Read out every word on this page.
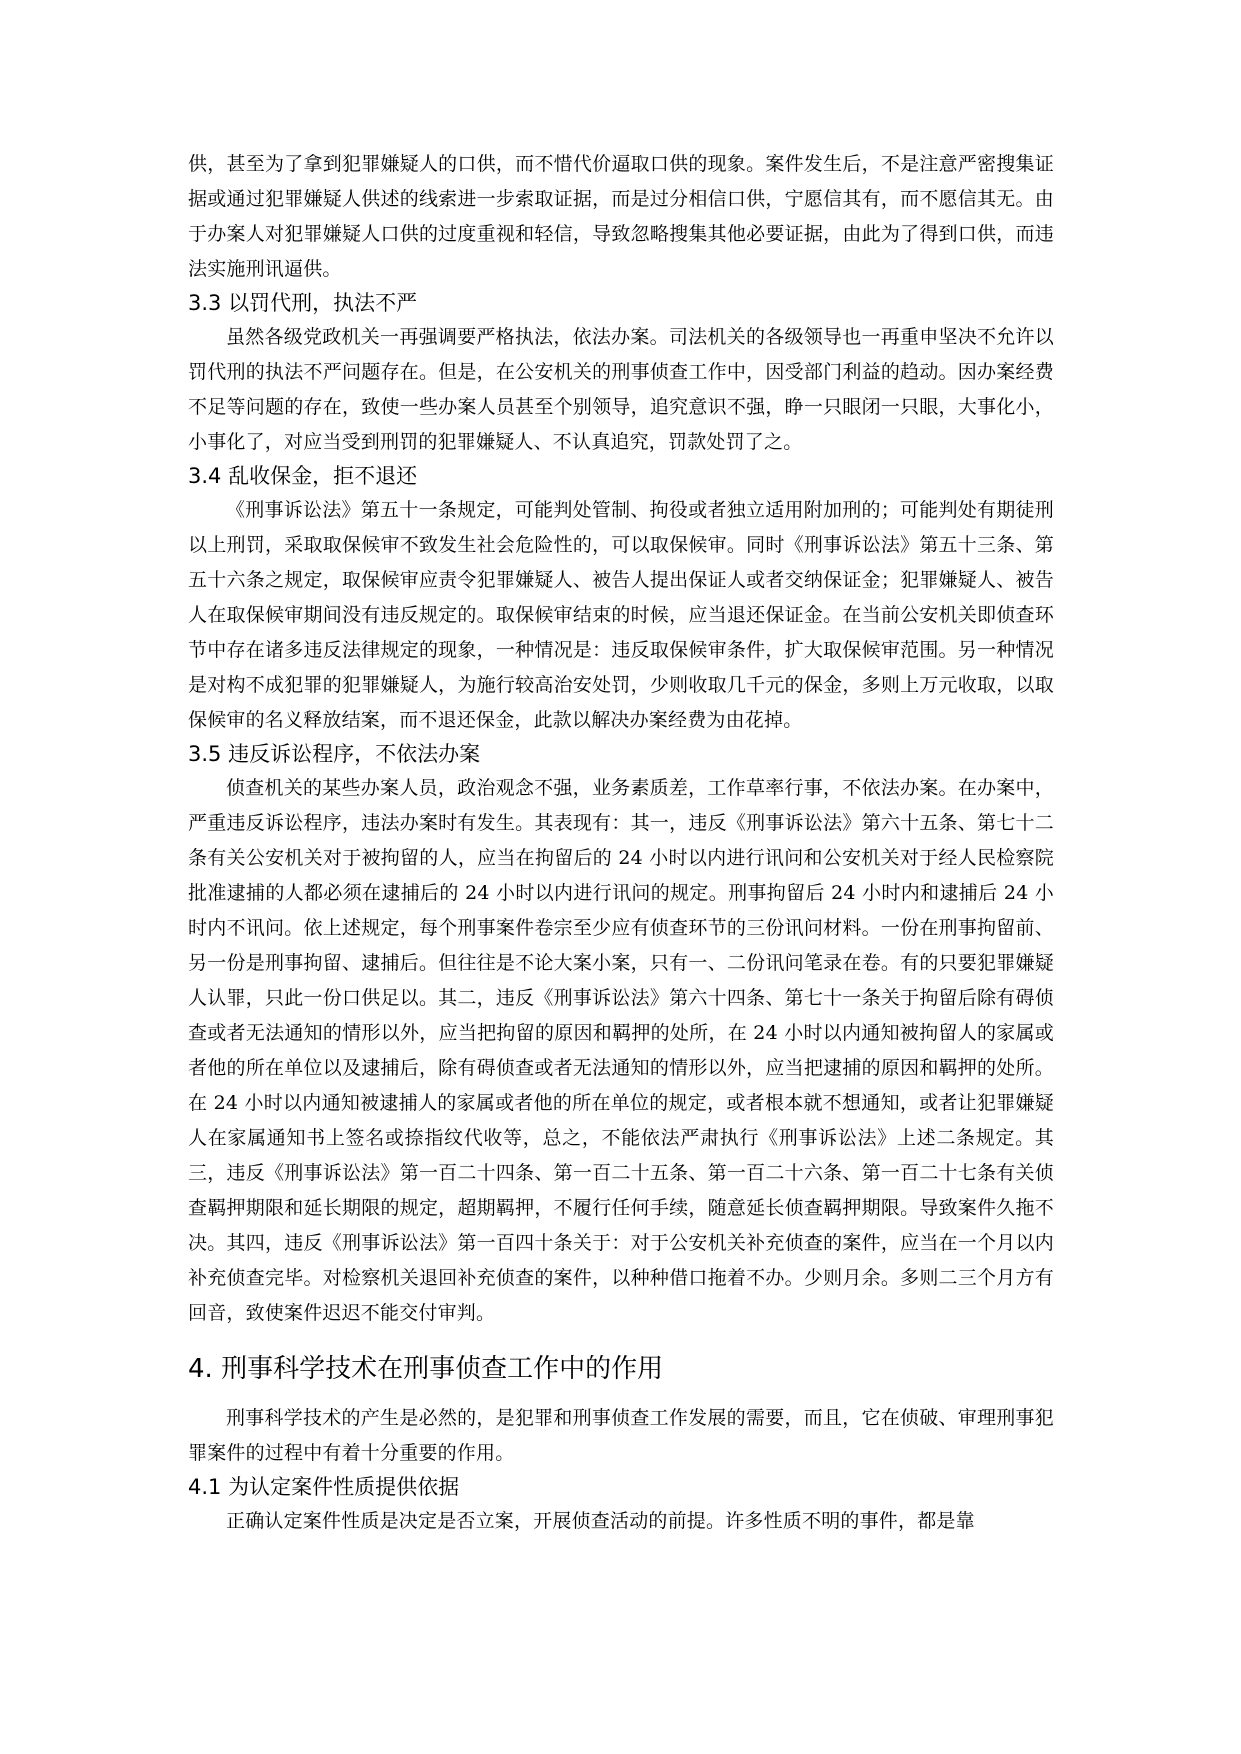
供，甚至为了拿到犯罪嫌疑人的口供，而不惜代价逼取口供的现象。案件发生后，不是注意严密搜集证据或通过犯罪嫌疑人供述的线索进一步索取证据，而是过分相信口供，宁愿信其有，而不愿信其无。由于办案人对犯罪嫌疑人口供的过度重视和轻信，导致忽略搜集其他必要证据，由此为了得到口供，而违法实施刑讯逼供。

3.3 以罚代刑，执法不严

虽然各级党政机关一再强调要严格执法，依法办案。司法机关的各级领导也一再重申坚决不允许以罚代刑的执法不严问题存在。但是，在公安机关的刑事侦查工作中，因受部门利益的趋动。因办案经费不足等问题的存在，致使一些办案人员甚至个别领导，追究意识不强，睁一只眼闭一只眼，大事化小，小事化了，对应当受到刑罚的犯罪嫌疑人、不认真追究，罚款处罚了之。

3.4 乱收保金，拒不退还

《刑事诉讼法》第五十一条规定，可能判处管制、拘役或者独立适用附加刑的；可能判处有期徒刑以上刑罚，采取取保候审不致发生社会危险性的，可以取保候审。同时《刑事诉讼法》第五十三条、第五十六条之规定，取保候审应责令犯罪嫌疑人、被告人提出保证人或者交纳保证金；犯罪嫌疑人、被告人在取保候审期间没有违反规定的。取保候审结束的时候，应当退还保证金。在当前公安机关即侦查环节中存在诸多违反法律规定的现象，一种情况是：违反取保候审条件，扩大取保候审范围。另一种情况是对构不成犯罪的犯罪嫌疑人，为施行较高治安处罚，少则收取几千元的保金，多则上万元收取，以取保候审的名义释放结案，而不退还保金，此款以解决办案经费为由花掉。

3.5 违反诉讼程序，不依法办案

侦查机关的某些办案人员，政治观念不强，业务素质差，工作草率行事，不依法办案。在办案中，严重违反诉讼程序，违法办案时有发生。其表现有：其一，违反《刑事诉讼法》第六十五条、第七十二条有关公安机关对于被拘留的人，应当在拘留后的 24 小时以内进行讯问和公安机关对于经人民检察院批准逮捕的人都必须在逮捕后的 24 小时以内进行讯问的规定。刑事拘留后 24 小时内和逮捕后 24 小时内不讯问。依上述规定，每个刑事案件卷宗至少应有侦查环节的三份讯问材料。一份在刑事拘留前、另一份是刑事拘留、逮捕后。但往往是不论大案小案，只有一、二份讯问笔录在卷。有的只要犯罪嫌疑人认罪，只此一份口供足以。其二，违反《刑事诉讼法》第六十四条、第七十一条关于拘留后除有碍侦查或者无法通知的情形以外，应当把拘留的原因和羁押的处所，在 24 小时以内通知被拘留人的家属或者他的所在单位以及逮捕后，除有碍侦查或者无法通知的情形以外，应当把逮捕的原因和羁押的处所。在 24 小时以内通知被逮捕人的家属或者他的所在单位的规定，或者根本就不想通知，或者让犯罪嫌疑人在家属通知书上签名或捺指纹代收等，总之，不能依法严肃执行《刑事诉讼法》上述二条规定。其三，违反《刑事诉讼法》第一百二十四条、第一百二十五条、第一百二十六条、第一百二十七条有关侦查羁押期限和延长期限的规定，超期羁押，不履行任何手续，随意延长侦查羁押期限。导致案件久拖不决。其四，违反《刑事诉讼法》第一百四十条关于：对于公安机关补充侦查的案件，应当在一个月以内补充侦查完毕。对检察机关退回补充侦查的案件，以种种借口拖着不办。少则月余。多则二三个月方有回音，致使案件迟迟不能交付审判。

4. 刑事科学技术在刑事侦查工作中的作用

刑事科学技术的产生是必然的，是犯罪和刑事侦查工作发展的需要，而且，它在侦破、审理刑事犯罪案件的过程中有着十分重要的作用。

4.1 为认定案件性质提供依据

正确认定案件性质是决定是否立案，开展侦查活动的前提。许多性质不明的事件，都是靠
